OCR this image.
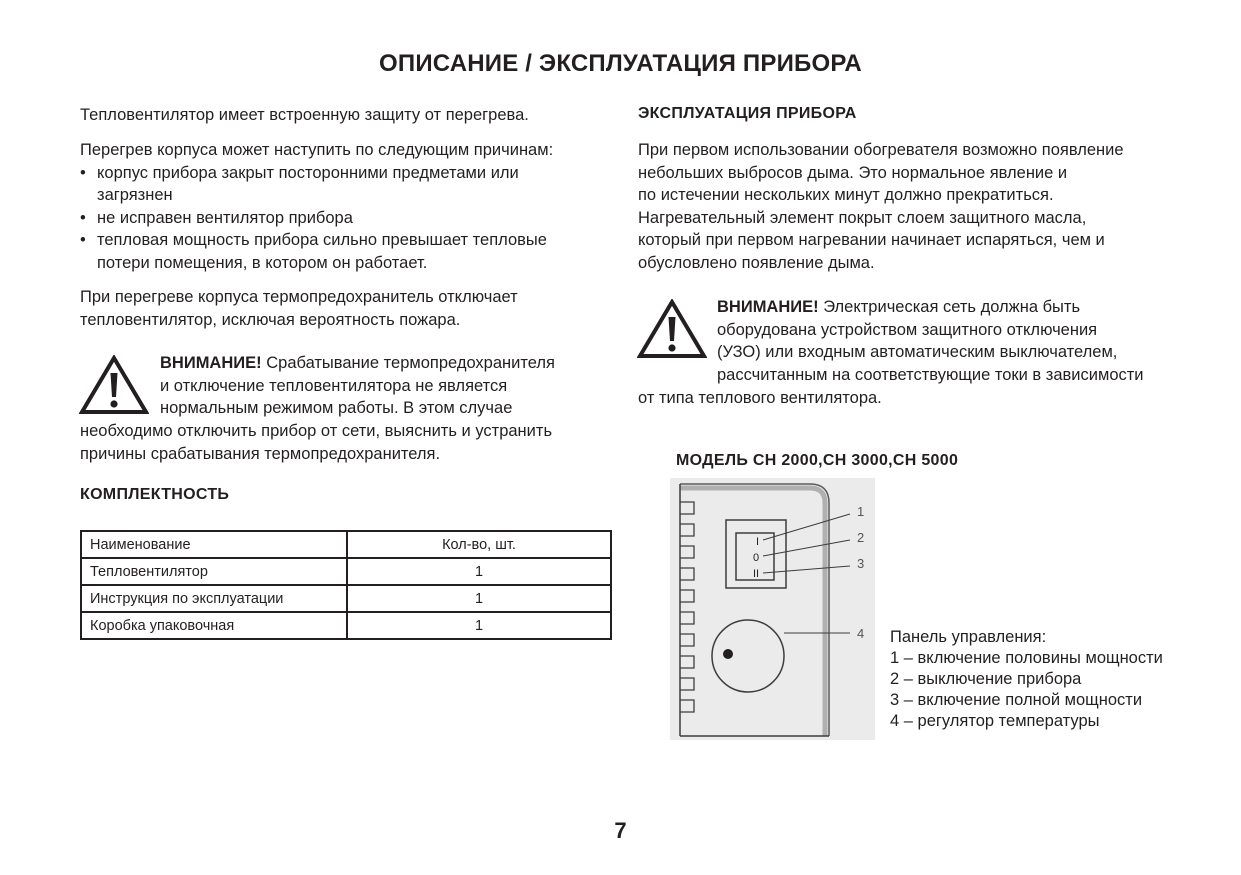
ОПИСАНИЕ / ЭКСПЛУАТАЦИЯ ПРИБОРА

Тепловентилятор имеет встроенную защиту от перегрева.

Перегрев корпуса может наступить по следующим причинам:
• корпус прибора закрыт посторонними предметами или загрязнен
• не исправен вентилятор прибора
• тепловая мощность прибора сильно превышает тепловые потери помещения, в котором он работает.

При перегреве корпуса термопредохранитель отключает тепловентилятор, исключая вероятность пожара.

ВНИМАНИЕ! Срабатывание термопредохранителя
и отключение тепловентилятора не является
нормальным режимом работы. В этом случае
необходимо отключить прибор от сети, выяснить и устранить
причины срабатывания термопредохранителя.
КОМПЛЕКТНОСТЬ
Наименование	Кол-во, шт.
Тепловентилятор	1
Инструкция по эксплуатации	1
Коробка упаковочная	1
ЭКСПЛУАТАЦИЯ ПРИБОРА
При первом использовании обогревателя возможно появление
небольших выбросов дыма. Это нормальное явление и
по истечении нескольких минут должно прекратиться.
Нагревательный элемент покрыт слоем защитного масла,
который при первом нагревании начинает испаряться, чем и
обусловлено появление дыма.
ВНИМАНИЕ! Электрическая сеть должна быть
оборудована устройством защитного отключения
(УЗО) или входным автоматическим выключателем,
рассчитанным на соответствующие токи в зависимости
от типа теплового вентилятора.
МОДЕЛЬ СН 2000,СН 3000,СН 5000
I
0
II
1
2
3
4 Панель управления:
1 – включение половины мощности
2 – выключение прибора
3 – включение полной мощности
4 – регулятор температуры
7
